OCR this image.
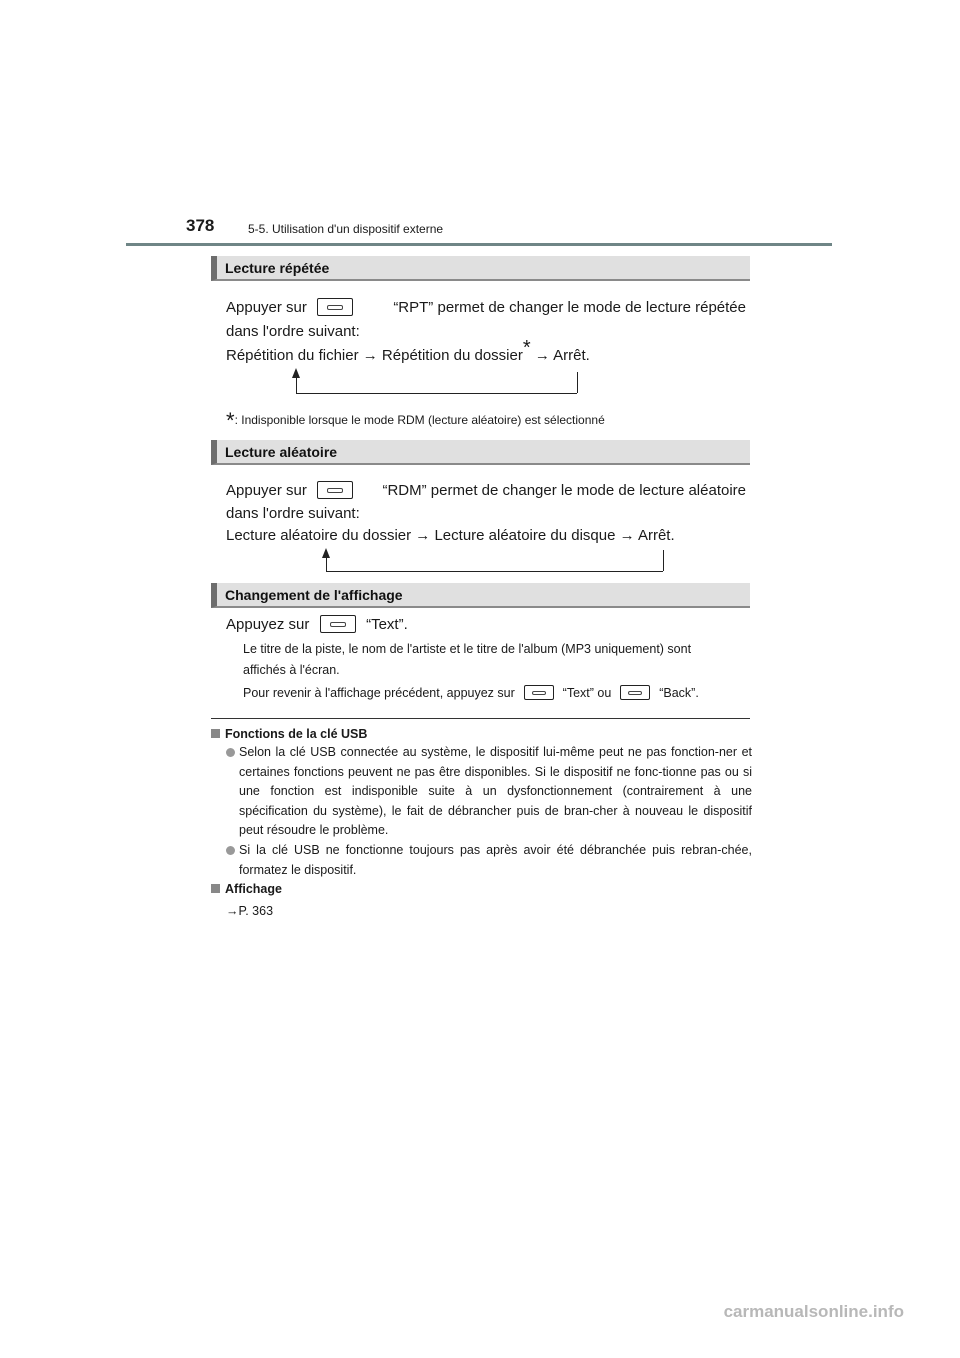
378	5-5. Utilisation d'un dispositif externe
Lecture répétée
Appuyer sur	“RPT” permet de changer le mode de lecture répétée
dans l'ordre suivant:
Répétition du fichier → Répétition du dossier* → Arrêt.
*: Indisponible lorsque le mode RDM (lecture aléatoire) est sélectionné
Lecture aléatoire
Appuyer sur	“RDM” permet de changer le mode de lecture aléatoire
dans l'ordre suivant:
Lecture aléatoire du dossier → Lecture aléatoire du disque → Arrêt.
Changement de l'affichage
Appuyez sur	“Text”.
Le titre de la piste, le nom de l'artiste et le titre de l'album (MP3 uniquement) sont
affichés à l'écran.
Pour revenir à l'affichage précédent, appuyez sur	“Text” ou	“Back”.
Fonctions de la clé USB
Selon la clé USB connectée au système, le dispositif lui-même peut ne pas fonction-ner et certaines fonctions peuvent ne pas être disponibles. Si le dispositif ne fonc-tionne pas ou si une fonction est indisponible suite à un dysfonctionnement (contrairement à une spécification du système), le fait de débrancher puis de bran-cher à nouveau le dispositif peut résoudre le problème.
Si la clé USB ne fonctionne toujours pas après avoir été débranchée puis rebran-chée, formatez le dispositif.
Affichage
→P. 363
carmanualsonline.info
